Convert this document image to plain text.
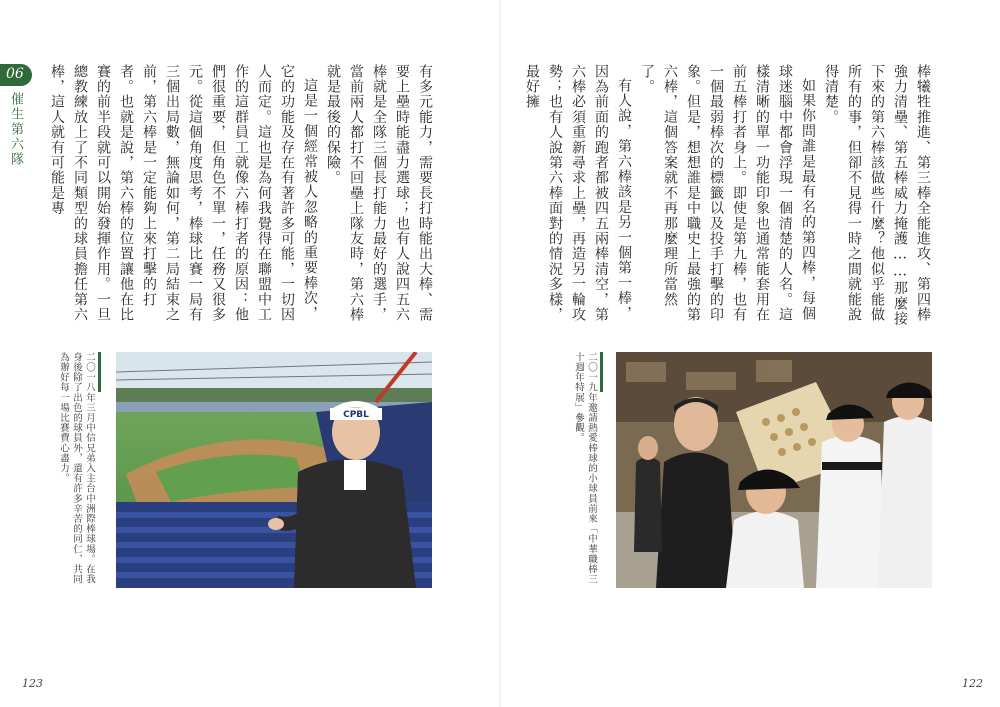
06
催生第六隊	有多元能力，需要長打時能出大棒、需要上壘時能盡力選球；也有人說四五六棒就是全隊三個長打能力最好的選手，當前兩人都打不回壘上隊友時，第六棒就是最後的保險。

這是一個經常被人忽略的重要棒次，它的功能及存在有著許多可能，一切因人而定。這也是為何我覺得在聯盟中工作的這群員工就像六棒打者的原因：他們很重要，但角色不單一，任務又很多元。從這個角度思考，棒球比賽一局有三個出局數，無論如何，第二局結束之前，第六棒是一定能夠上來打擊的打者。也就是說，第六棒的位置讓他在比賽的前半段就可以開始發揮作用。一旦總教練放上了不同類型的球員擔任第六棒，這人就有可能是專

CPBL
二〇一八年三月中信兄弟入主台中洲際棒球場。在我身後除了出色的球員外，還有許多辛苦的同仁，共同為辦好每一場比賽費心盡力。
123

棒犧牲推進、第三棒全能進攻、第四棒強力清壘、第五棒威力掩護……那麼接下來的第六棒該做些什麼？他似乎能做所有的事，但卻不見得一時之間就能說得清楚。

如果你問誰是最有名的第四棒，每個球迷腦中都會浮現一個清楚的人名。這樣清晰的單一功能印象也通常能套用在前五棒打者身上。即使是第九棒，也有一個最弱棒次的標籤以及投手打擊的印象。但是，想想誰是中職史上最強的第六棒，這個答案就不再那麼理所當然了。

有人說，第六棒該是另一個第一棒，因為前面的跑者都被四五兩棒清空，第六棒必須重新尋求上壘，再造另一輪攻勢；也有人說第六棒面對的情況多樣，最好擁

二〇一九年邀請熱愛棒球的小球員前來「中華職棒三十週年特展」參觀。
122
